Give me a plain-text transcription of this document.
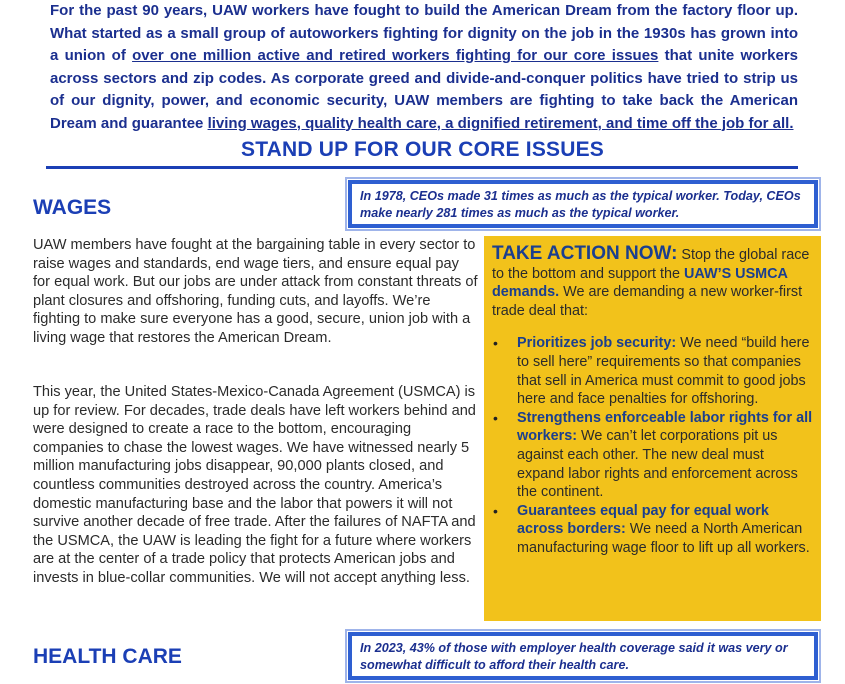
For the past 90 years, UAW workers have fought to build the American Dream from the factory floor up. What started as a small group of autoworkers fighting for dignity on the job in the 1930s has grown into a union of over one million active and retired workers fighting for our core issues that unite workers across sectors and zip codes. As corporate greed and divide-and-conquer politics have tried to strip us of our dignity, power, and economic security, UAW members are fighting to take back the American Dream and guarantee living wages, quality health care, a dignified retirement, and time off the job for all.

STAND UP FOR OUR CORE ISSUES
WAGES	In 1978, CEOs made 31 times as much as the typical worker. Today, CEOs make nearly 281 times as much as the typical worker.

UAW members have fought at the bargaining table in every sector to raise wages and standards, end wage tiers, and ensure equal pay for equal work. But our jobs are under attack from constant threats of plant closures and offshoring, funding cuts, and layoffs. We’re fighting to make sure everyone has a good, secure, union job with a living wage that restores the American Dream.

This year, the United States-Mexico-Canada Agreement (USMCA) is up for review. For decades, trade deals have left workers behind and were designed to create a race to the bottom, encouraging companies to chase the lowest wages. We have witnessed nearly 5 million manufacturing jobs disappear, 90,000 plants closed, and countless communities destroyed across the country. America’s domestic manufacturing base and the labor that powers it will not survive another decade of free trade. After the failures of NAFTA and the USMCA, the UAW is leading the fight for a future where workers are at the center of a trade policy that protects American jobs and invests in blue-collar communities. We will not accept anything less.

TAKE ACTION NOW: Stop the global race to the bottom and support the UAW’S USMCA demands. We are demanding a new worker-first trade deal that:
• Prioritizes job security: We need “build here to sell here” requirements so that companies that sell in America must commit to good jobs here and face penalties for offshoring.
• Strengthens enforceable labor rights for all workers: We can’t let corporations pit us against each other. The new deal must expand labor rights and enforcement across the continent.
• Guarantees equal pay for equal work across borders: We need a North American manufacturing wage floor to lift up all workers.
HEALTH CARE	In 2023, 43% of those with employer health coverage said it was very or somewhat difficult to afford their health care.
